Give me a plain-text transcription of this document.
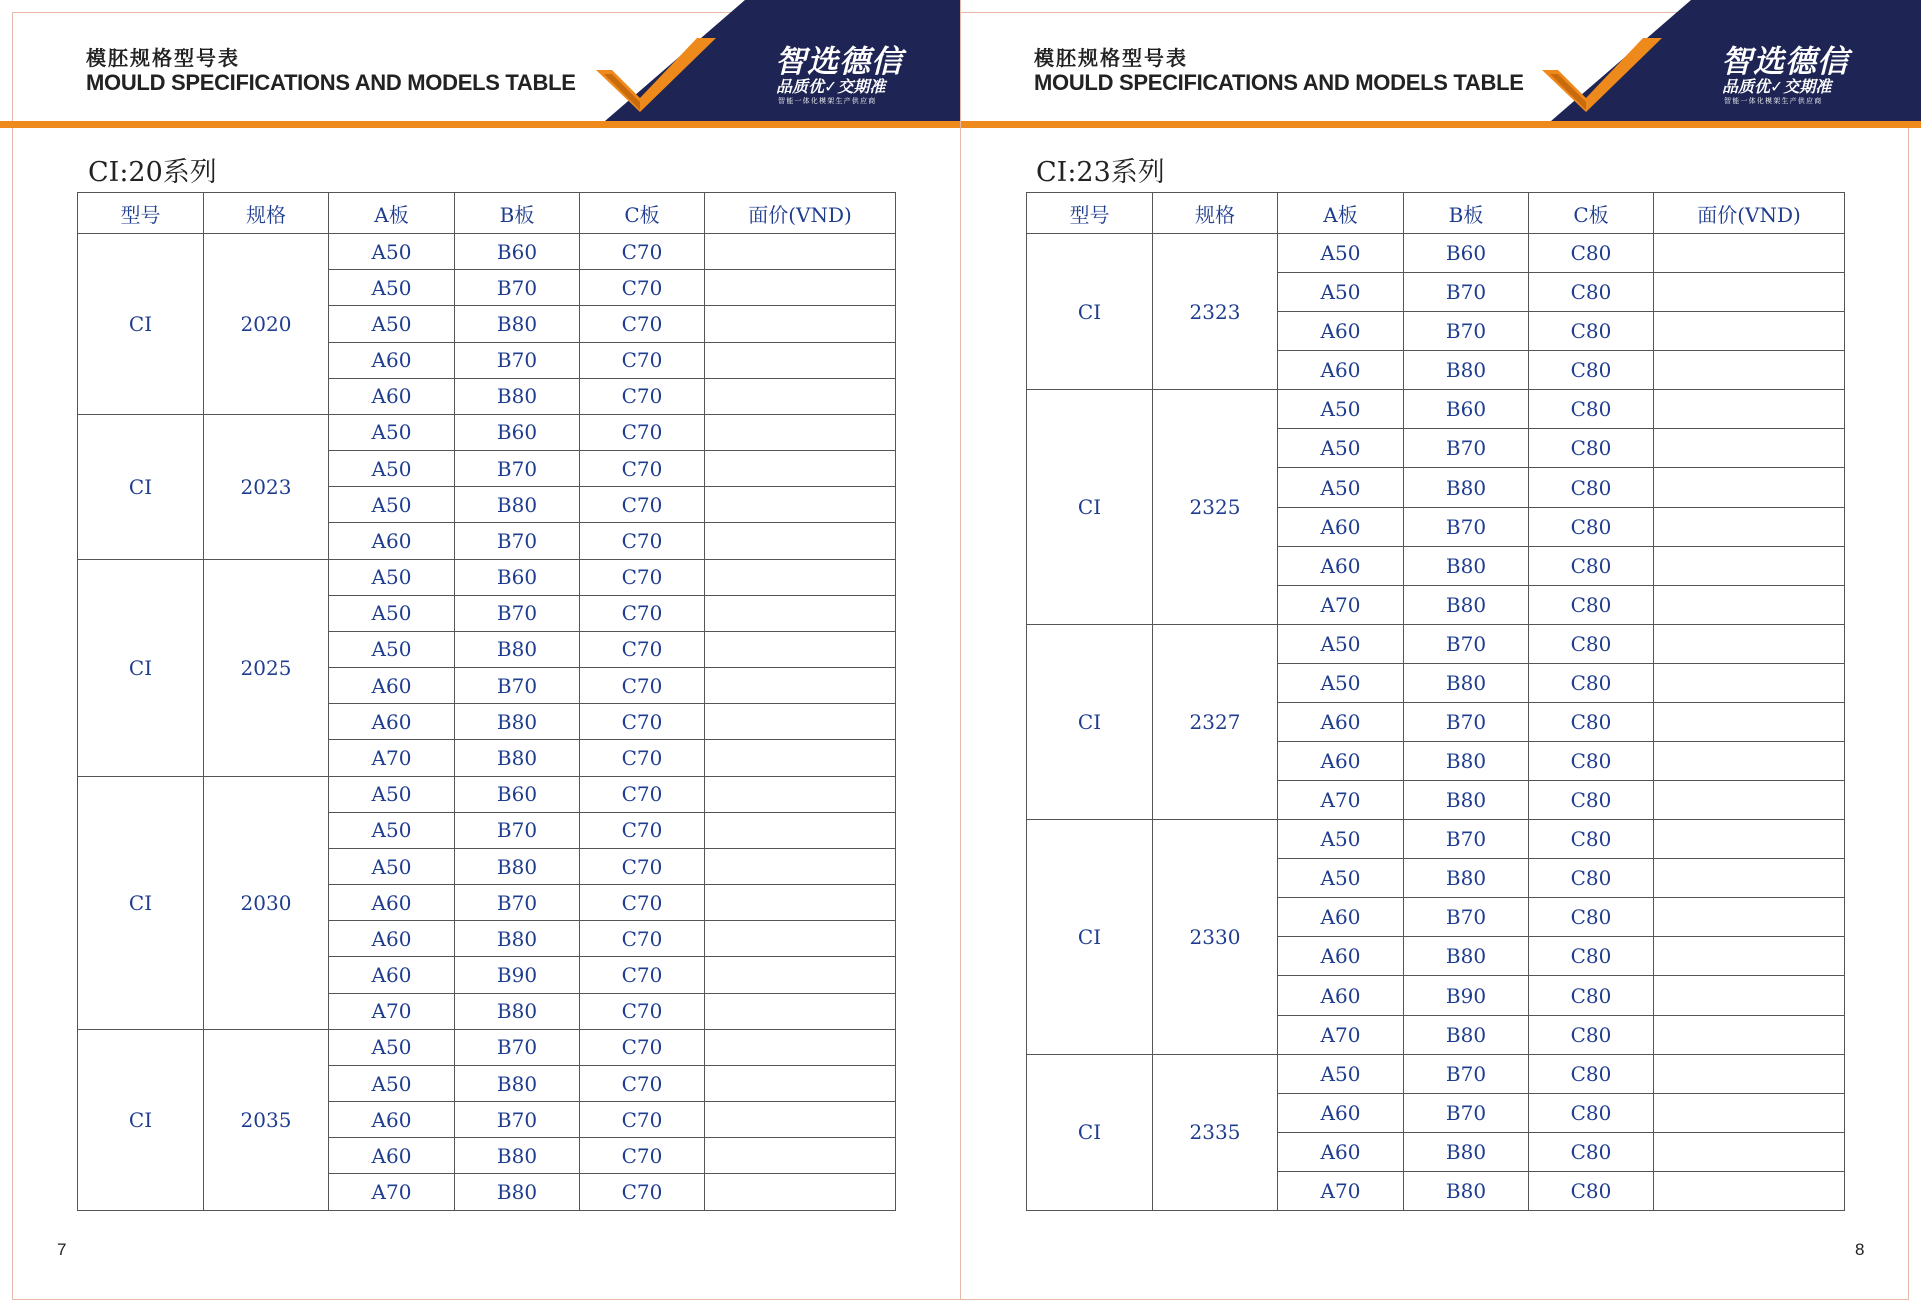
模胚规格型号表
MOULD SPECIFICATIONS AND MODELS TABLE
智选德信
品质优✓交期准
智能一体化模架生产供应商
CI:20系列
型号	规格	A板	B板	C板	面价(VND)
CI	2020	A50	B60	C70	
		A50	B70	C70	
		A50	B80	C70	
		A60	B70	C70	
		A60	B80	C70	
CI	2023	A50	B60	C70	
		A50	B70	C70	
		A50	B80	C70	
		A60	B70	C70	
CI	2025	A50	B60	C70	
		A50	B70	C70	
		A50	B80	C70	
		A60	B70	C70	
		A60	B80	C70	
		A70	B80	C70	
CI	2030	A50	B60	C70	
		A50	B70	C70	
		A50	B80	C70	
		A60	B70	C70	
		A60	B80	C70	
		A60	B90	C70	
		A70	B80	C70	
CI	2035	A50	B70	C70	
		A50	B80	C70	
		A60	B70	C70	
		A60	B80	C70	
		A70	B80	C70	
7
模胚规格型号表
MOULD SPECIFICATIONS AND MODELS TABLE
智选德信
品质优✓交期准
智能一体化模架生产供应商
CI:23系列
型号	规格	A板	B板	C板	面价(VND)
CI	2323	A50	B60	C80	
		A50	B70	C80	
		A60	B70	C80	
		A60	B80	C80	
CI	2325	A50	B60	C80	
		A50	B70	C80	
		A50	B80	C80	
		A60	B70	C80	
		A60	B80	C80	
		A70	B80	C80	
CI	2327	A50	B70	C80	
		A50	B80	C80	
		A60	B70	C80	
		A60	B80	C80	
		A70	B80	C80	
CI	2330	A50	B70	C80	
		A50	B80	C80	
		A60	B70	C80	
		A60	B80	C80	
		A60	B90	C80	
		A70	B80	C80	
CI	2335	A50	B70	C80	
		A60	B70	C80	
		A60	B80	C80	
		A70	B80	C80	
8
